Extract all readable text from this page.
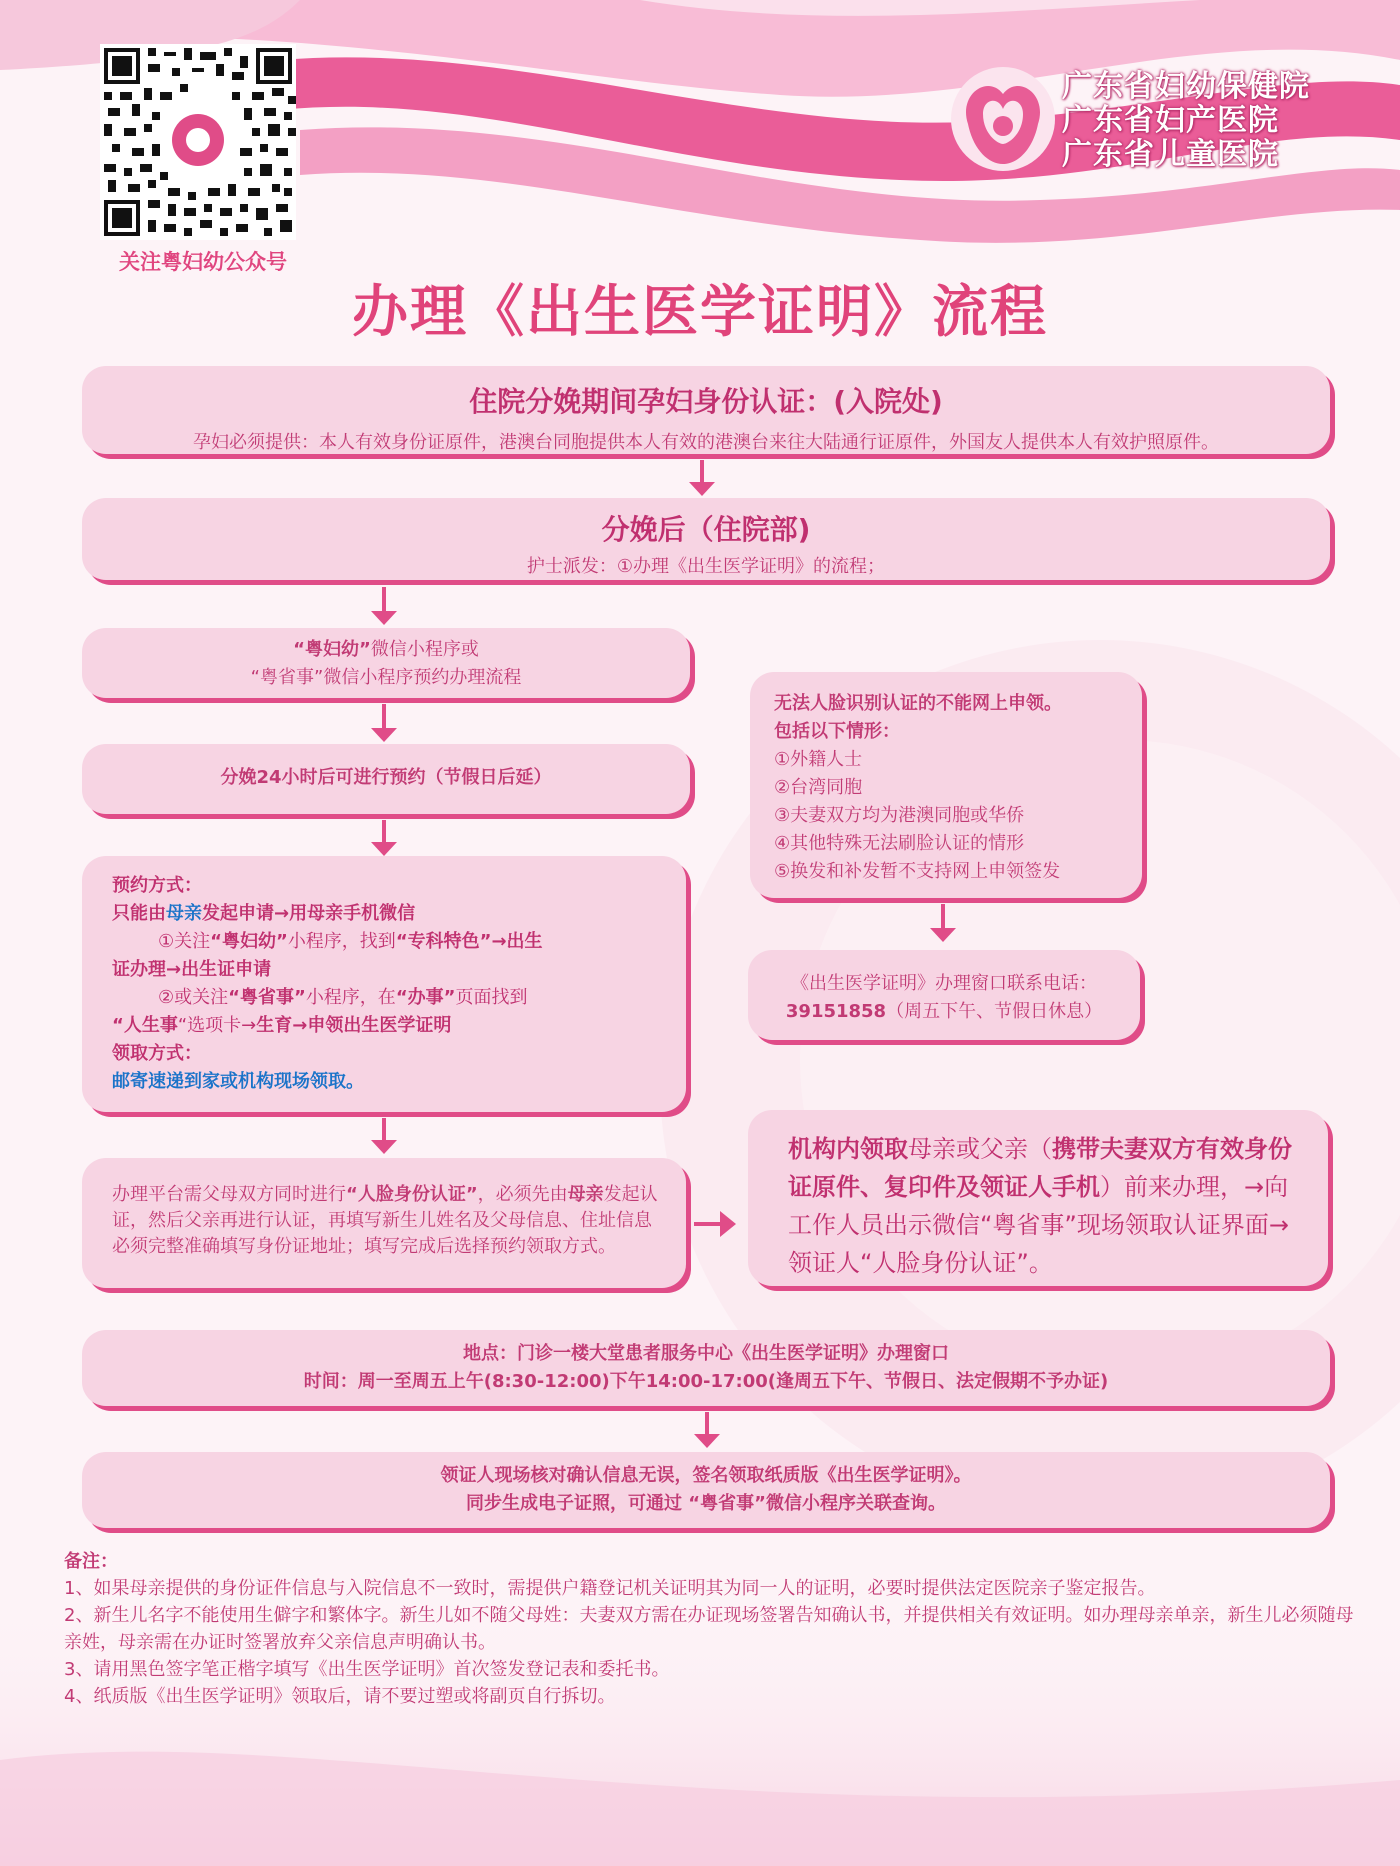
关注粤妇幼公众号
广东省妇幼保健院
广东省妇产医院
广东省儿童医院
办理《出生医学证明》流程
住院分娩期间孕妇身份认证：(入院处)
孕妇必须提供：本人有效身份证原件，港澳台同胞提供本人有效的港澳台来往大陆通行证原件，外国友人提供本人有效护照原件。
分娩后（住院部)
护士派发：①办理《出生医学证明》的流程；
“粤妇幼”微信小程序或
“粤省事”微信小程序预约办理流程
分娩24小时后可进行预约（节假日后延）
预约方式：
只能由母亲发起申请→用母亲手机微信
①关注“粤妇幼”小程序，找到“专科特色”→出生
证办理→出生证申请
②或关注“粤省事”小程序，在“办事”页面找到
“人生事“选项卡→生育→申领出生医学证明
领取方式：
邮寄速递到家或机构现场领取。
办理平台需父母双方同时进行“人脸身份认证”，必须先由母亲发起认证，然后父亲再进行认证，再填写新生儿姓名及父母信息、住址信息必须完整准确填写身份证地址；填写完成后选择预约领取方式。
无法人脸识别认证的不能网上申领。
包括以下情形：
①外籍人士
②台湾同胞
③夫妻双方均为港澳同胞或华侨
④其他特殊无法刷脸认证的情形
⑤换发和补发暂不支持网上申领签发
《出生医学证明》办理窗口联系电话：
39151858（周五下午、节假日休息）
机构内领取母亲或父亲（携带夫妻双方有效身份证原件、复印件及领证人手机）前来办理，→向工作人员出示微信“粤省事”现场领取认证界面→领证人“人脸身份认证”。
地点：门诊一楼大堂患者服务中心《出生医学证明》办理窗口
时间：周一至周五上午(8:30-12:00)下午14:00-17:00(逢周五下午、节假日、法定假期不予办证)
领证人现场核对确认信息无误，签名领取纸质版《出生医学证明》。
同步生成电子证照，可通过 “粤省事”微信小程序关联查询。
备注：
1、如果母亲提供的身份证件信息与入院信息不一致时，需提供户籍登记机关证明其为同一人的证明，必要时提供法定医院亲子鉴定报告。
2、新生儿名字不能使用生僻字和繁体字。新生儿如不随父母姓：夫妻双方需在办证现场签署告知确认书，并提供相关有效证明。如办理母亲单亲，新生儿必须随母亲姓，母亲需在办证时签署放弃父亲信息声明确认书。
3、请用黑色签字笔正楷字填写《出生医学证明》首次签发登记表和委托书。
4、纸质版《出生医学证明》领取后，请不要过塑或将副页自行拆切。
